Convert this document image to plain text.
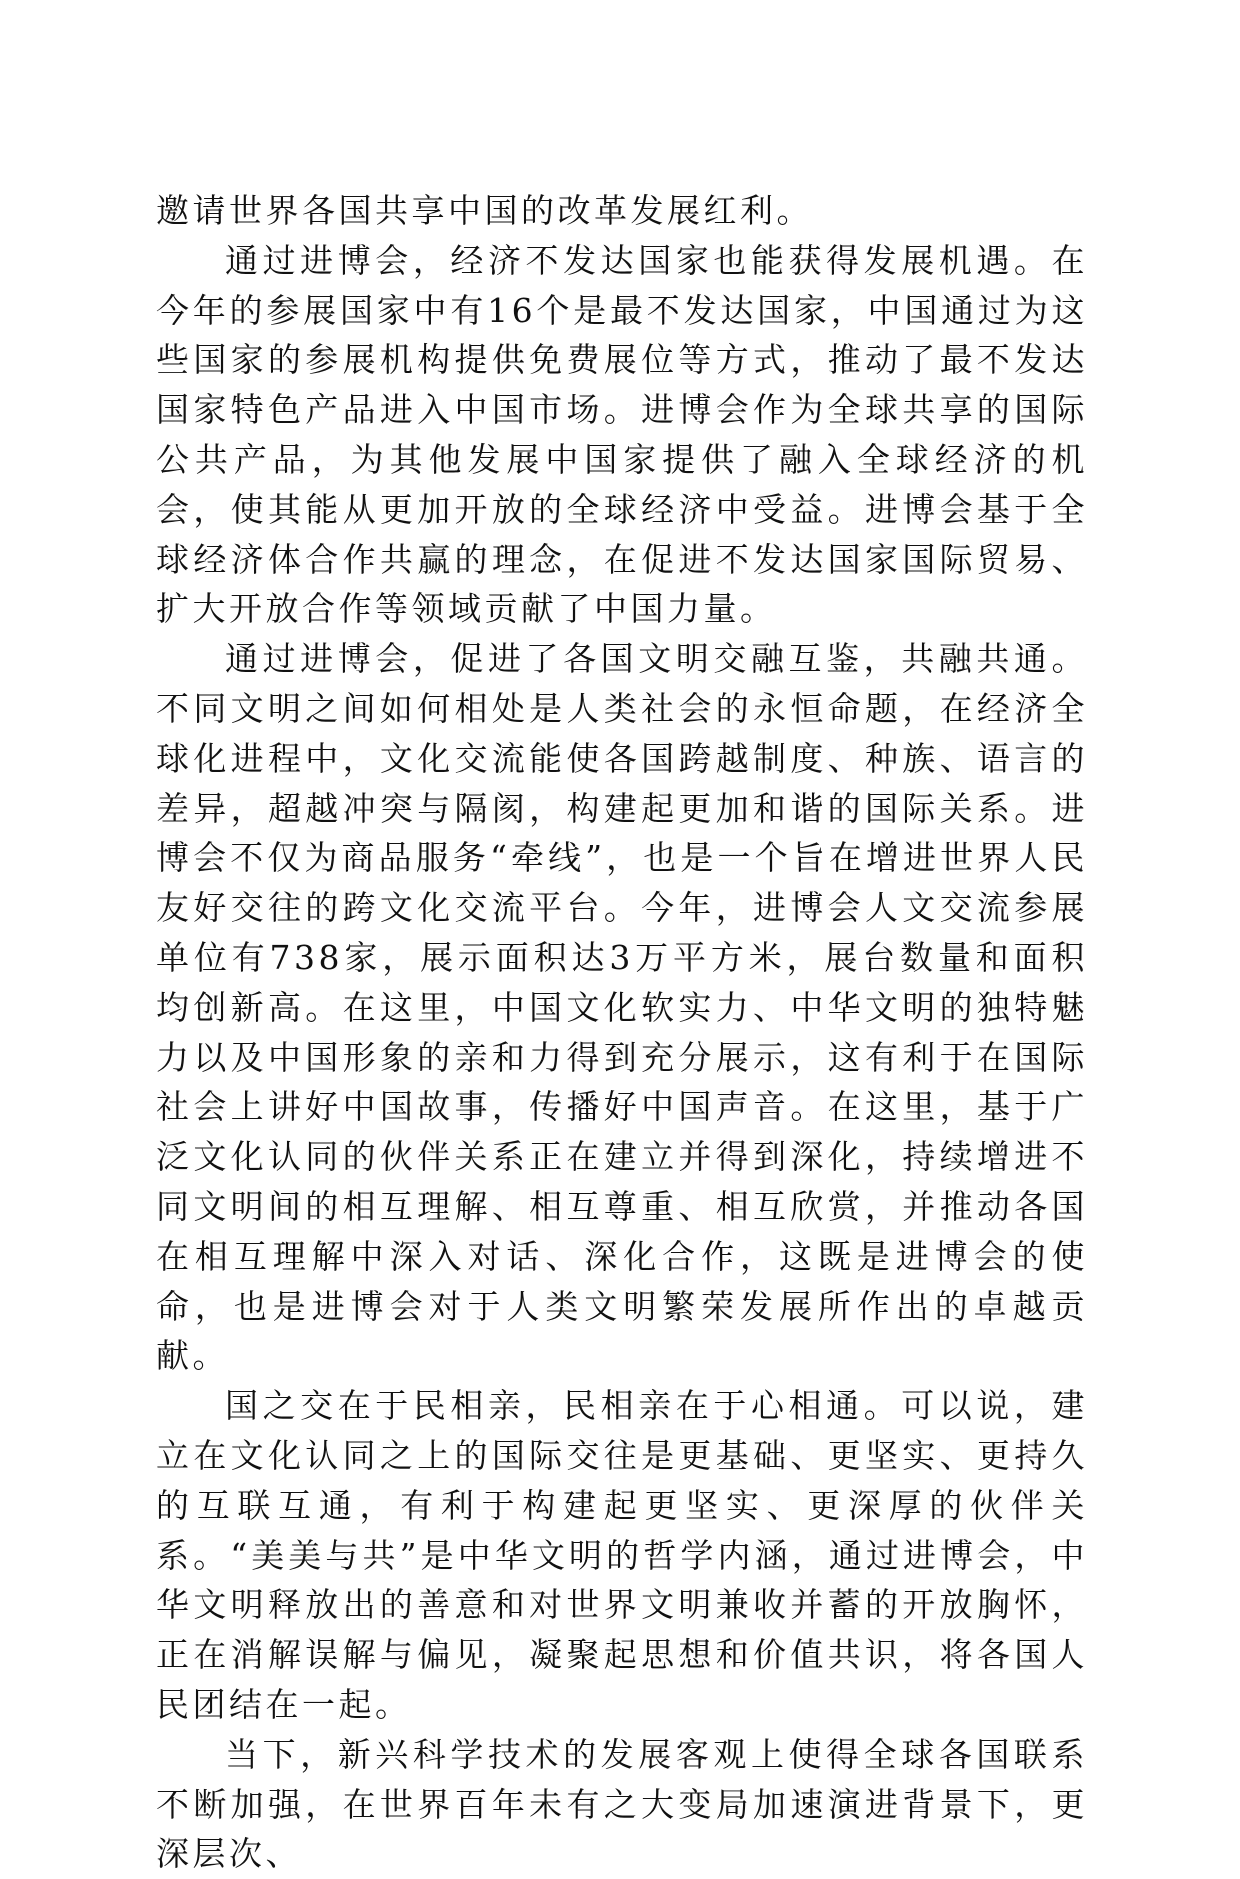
邀请世界各国共享中国的改革发展红利。

通过进博会，经济不发达国家也能获得发展机遇。在今年的参展国家中有16个是最不发达国家，中国通过为这些国家的参展机构提供免费展位等方式，推动了最不发达国家特色产品进入中国市场。进博会作为全球共享的国际公共产品，为其他发展中国家提供了融入全球经济的机会，使其能从更加开放的全球经济中受益。进博会基于全球经济体合作共赢的理念，在促进不发达国家国际贸易、扩大开放合作等领域贡献了中国力量。

通过进博会，促进了各国文明交融互鉴，共融共通。不同文明之间如何相处是人类社会的永恒命题，在经济全球化进程中，文化交流能使各国跨越制度、种族、语言的差异，超越冲突与隔阂，构建起更加和谐的国际关系。进博会不仅为商品服务“牵线”，也是一个旨在增进世界人民友好交往的跨文化交流平台。今年，进博会人文交流参展单位有738家，展示面积达3万平方米，展台数量和面积均创新高。在这里，中国文化软实力、中华文明的独特魅力以及中国形象的亲和力得到充分展示，这有利于在国际社会上讲好中国故事，传播好中国声音。在这里，基于广泛文化认同的伙伴关系正在建立并得到深化，持续增进不同文明间的相互理解、相互尊重、相互欣赏，并推动各国在相互理解中深入对话、深化合作，这既是进博会的使命，也是进博会对于人类文明繁荣发展所作出的卓越贡献。

国之交在于民相亲，民相亲在于心相通。可以说，建立在文化认同之上的国际交往是更基础、更坚实、更持久的互联互通，有利于构建起更坚实、更深厚的伙伴关系。“美美与共”是中华文明的哲学内涵，通过进博会，中华文明释放出的善意和对世界文明兼收并蓄的开放胸怀，正在消解误解与偏见，凝聚起思想和价值共识，将各国人民团结在一起。

当下，新兴科学技术的发展客观上使得全球各国联系不断加强，在世界百年未有之大变局加速演进背景下，更深层次、
